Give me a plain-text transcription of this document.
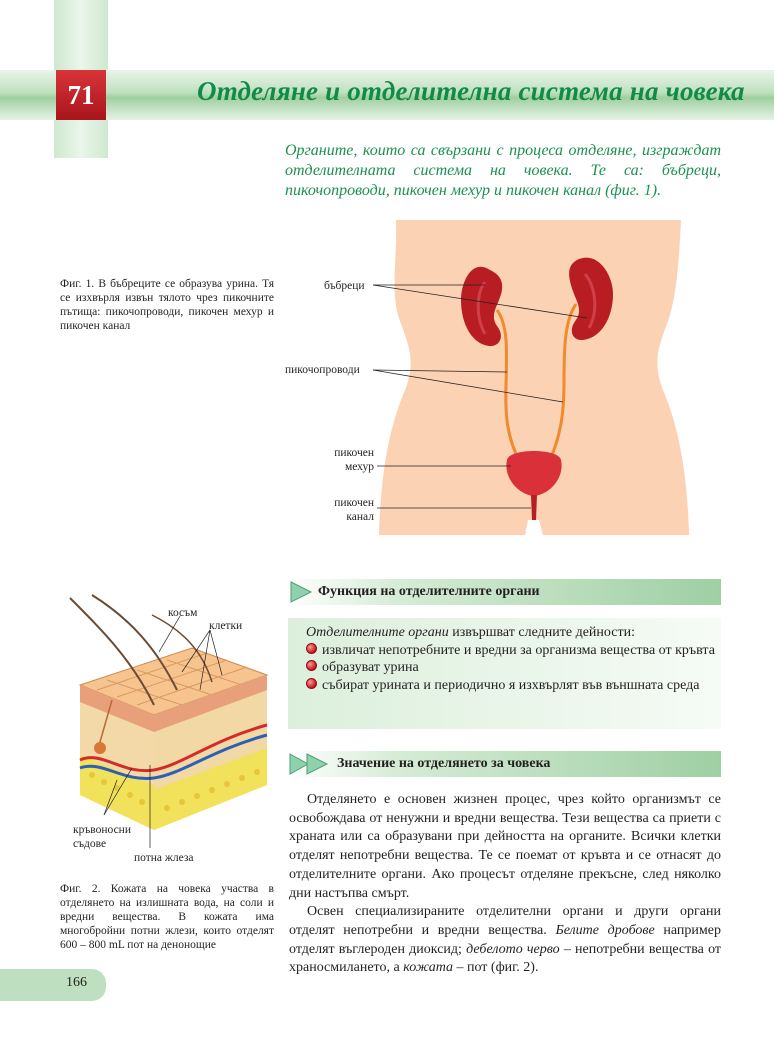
71	Отделяне и отделителна система на човека
Органите, които са свързани с процеса отделяне, изграждат отделителната система на човека. Те са: бъбреци, пикочопроводи, пикочен мехур и пикочен канал (фиг. 1).
Фиг. 1. В бъбреците се образува урина. Тя се изхвърля извън тялото чрез пикочните пътища: пикочопроводи, пикочен мехур и пикочен канал
бъбреци
пикочопроводи
пикочен
мехур
пикочен
канал
косъм
клетки
кръвоносни
съдове
потна жлеза
Фиг. 2. Кожата на човека участва в отделянето на излишната вода, на соли и вредни вещества. В кожата има многобройни потни жлези, които отделят 600 – 800 mL пот на денонощие
Функция на отделителните органи
Отделителните органи извършват следните дейности:
извличат непотребните и вредни за организма вещества от кръвта
образуват урина
събират урината и периодично я изхвърлят във външната среда
Значение на отделянето за човека

Отделянето е основен жизнен процес, чрез който организмът се освобождава от ненужни и вредни вещества. Тези вещества са приети с храната или са образувани при дейността на органите. Всички клетки отделят непотребни вещества. Те се поемат от кръвта и се отнасят до отделителните органи. Ако процесът отделяне прекъсне, след няколко дни настъпва смърт.

Освен специализираните отделителни органи и други органи отделят непотребни и вредни вещества. Белите дробове например отделят въглероден диоксид; дебелото черво – непотребни вещества от храносмилането, а кожата – пот (фиг. 2).

166
